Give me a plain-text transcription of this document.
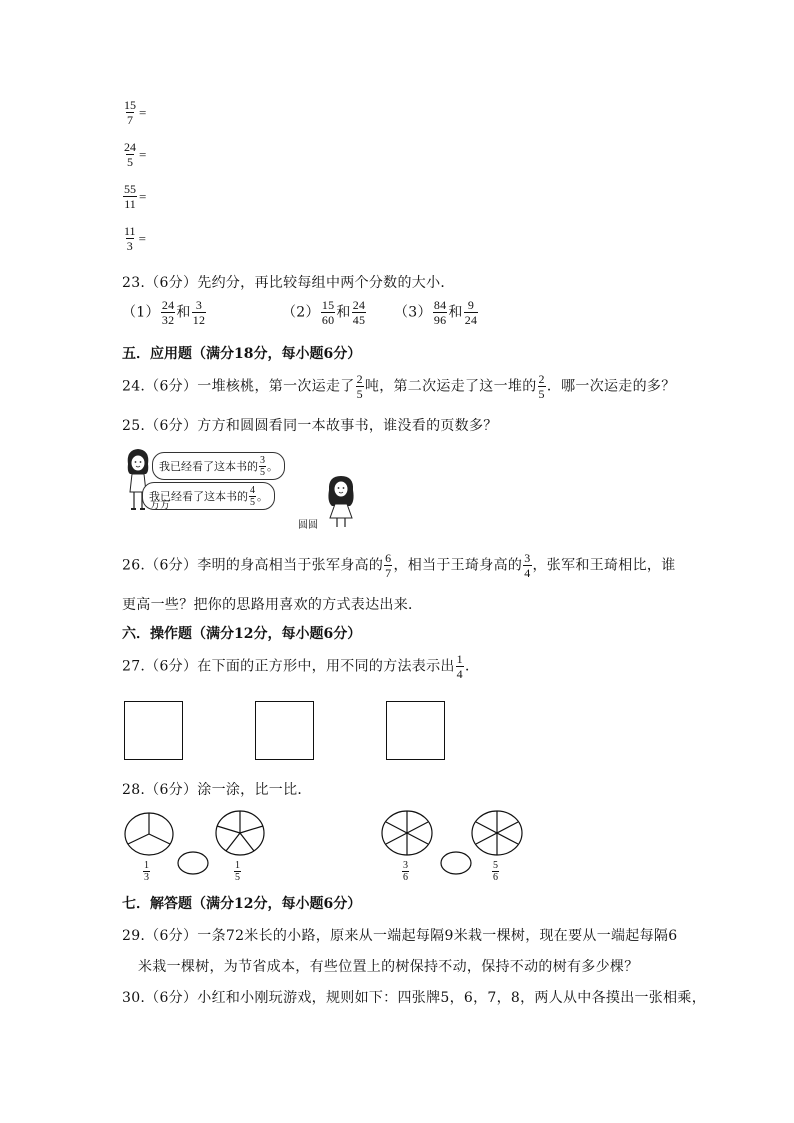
$\frac{15}{7}$ =
$\frac{24}{5}$ =
$\frac{55}{11}$ =
$\frac{11}{3}$ =
23.（6分）先约分，再比较每组中两个分数的大小．
$(1) \frac{24}{32}$ 和 $\frac{3}{12}$	$(2) \frac{15}{60}$ 和 $\frac{24}{45} (3) \frac{84}{96}$ 和 $\frac{9}{24}$
五．应用题（满分18分，每小题6分）
24.（6分）一堆核桃，第一次运走了 $\frac{2}{5}$ 吨，第二次运走了这一堆的 $\frac{2}{5}$ ．哪一次运走的多？
25.（6分）方方和圆圆看同一本故事书，谁没看的页数多？
我已经看了这本书的 $\frac{3}{5}$ 。
我已经看了这本书的 $\frac{4}{5}$ 。
方方
圆圆
26.（6分）李明的身高相当于张军身高的 $\frac{6}{7}$ ，相当于王琦身高的 $\frac{3}{4}$ ，张军和王琦相比，谁
更高一些？把你的思路用喜欢的方式表达出来．
六．操作题（满分12分，每小题6分）
27.（6分）在下面的正方形中，用不同的方法表示出 $\frac{1}{4}$ ．
28.（6分）涂一涂，比一比．
$\frac{1}{3}$	$\frac{1}{5}$	$\frac{3}{6}$	$\frac{5}{6}$
七．解答题（满分12分，每小题6分）
29.（6分）一条72米长的小路，原来从一端起每隔9米栽一棵树，现在要从一端起每隔6
米栽一棵树，为节省成本，有些位置上的树保持不动，保持不动的树有多少棵？
30.（6分）小红和小刚玩游戏，规则如下：四张牌5，6，7，8，两人从中各摸出一张相乘，
